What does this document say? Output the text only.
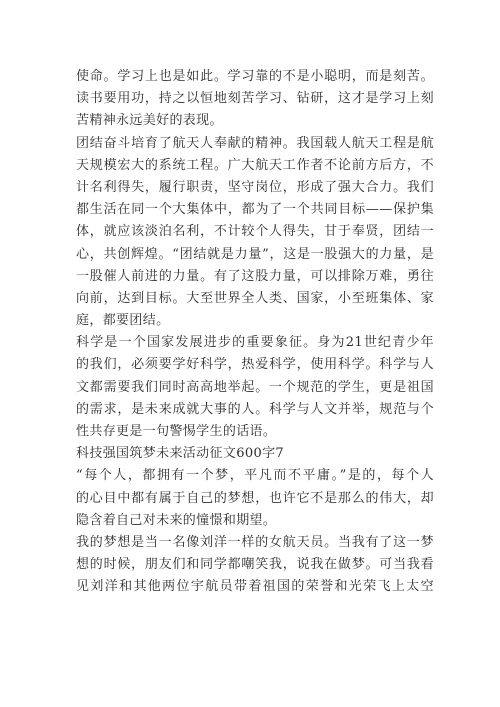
使命。学习上也是如此。学习靠的不是小聪明，而是刻苦。
读书要用功，持之以恒地刻苦学习、钻研，这才是学习上刻
苦精神永远美好的表现。
团结奋斗培育了航天人奉献的精神。我国载人航天工程是航
天规模宏大的系统工程。广大航天工作者不论前方后方，不
计名利得失，履行职责，坚守岗位，形成了强大合力。我们
都生活在同一个大集体中，都为了一个共同目标——保护集
体，就应该淡泊名利，不计较个人得失，甘于奉贤，团结一
心，共创辉煌。“团结就是力量”，这是一股强大的力量，是
一股催人前进的力量。有了这股力量，可以排除万难，勇往
向前，达到目标。大至世界全人类、国家，小至班集体、家
庭，都要团结。
科学是一个国家发展进步的重要象征。身为21世纪青少年
的我们，必须要学好科学，热爱科学，使用科学。科学与人
文都需要我们同时高高地举起。一个规范的学生，更是祖国
的需求，是未来成就大事的人。科学与人文并举，规范与个
性共存更是一句警惕学生的话语。
科技强国筑梦未来活动征文600字7
“每个人，都拥有一个梦，平凡而不平庸。”是的，每个人
的心目中都有属于自己的梦想，也许它不是那么的伟大，却
隐含着自己对未来的憧憬和期望。
我的梦想是当一名像刘洋一样的女航天员。当我有了这一梦
想的时候，朋友们和同学都嘲笑我，说我在做梦。可当我看
见刘洋和其他两位宇航员带着祖国的荣誉和光荣飞上太空
